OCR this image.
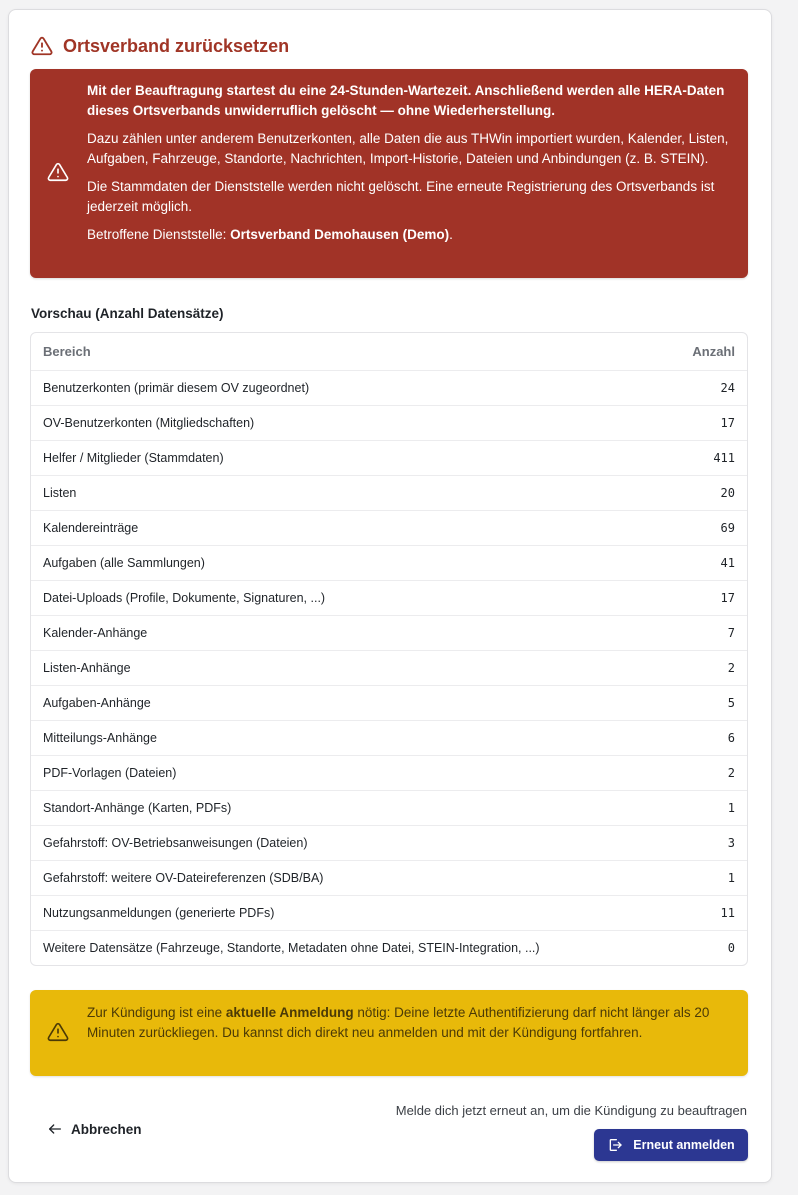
Ortsverband zurücksetzen

Mit der Beauftragung startest du eine 24-Stunden-Wartezeit. Anschließend werden alle HERA-Daten dieses Ortsverbands unwiderruflich gelöscht — ohne Wiederherstellung.

Dazu zählen unter anderem Benutzerkonten, alle Daten die aus THWin importiert wurden, Kalender, Listen, Aufgaben, Fahrzeuge, Standorte, Nachrichten, Import-Historie, Dateien und Anbindungen (z. B. STEIN).

Die Stammdaten der Dienststelle werden nicht gelöscht. Eine erneute Registrierung des Ortsverbands ist jederzeit möglich.

Betroffene Dienststelle: Ortsverband Demohausen (Demo).

Vorschau (Anzahl Datensätze)
Bereich	Anzahl
Benutzerkonten (primär diesem OV zugeordnet)	24
OV-Benutzerkonten (Mitgliedschaften)	17
Helfer / Mitglieder (Stammdaten)	411
Listen	20
Kalendereinträge	69
Aufgaben (alle Sammlungen)	41
Datei-Uploads (Profile, Dokumente, Signaturen, ...)	17
Kalender-Anhänge	7
Listen-Anhänge	2
Aufgaben-Anhänge	5
Mitteilungs-Anhänge	6
PDF-Vorlagen (Dateien)	2
Standort-Anhänge (Karten, PDFs)	1
Gefahrstoff: OV-Betriebsanweisungen (Dateien)	3
Gefahrstoff: weitere OV-Dateireferenzen (SDB/BA)	1
Nutzungsanmeldungen (generierte PDFs)	11
Weitere Datensätze (Fahrzeuge, Standorte, Metadaten ohne Datei, STEIN-Integration, ...)	0
Zur Kündigung ist eine aktuelle Anmeldung nötig: Deine letzte Authentifizierung darf nicht länger als 20 Minuten zurückliegen. Du kannst dich direkt neu anmelden und mit der Kündigung fortfahren.
Melde dich jetzt erneut an, um die Kündigung zu beauftragen
Abbrechen
Erneut anmelden
